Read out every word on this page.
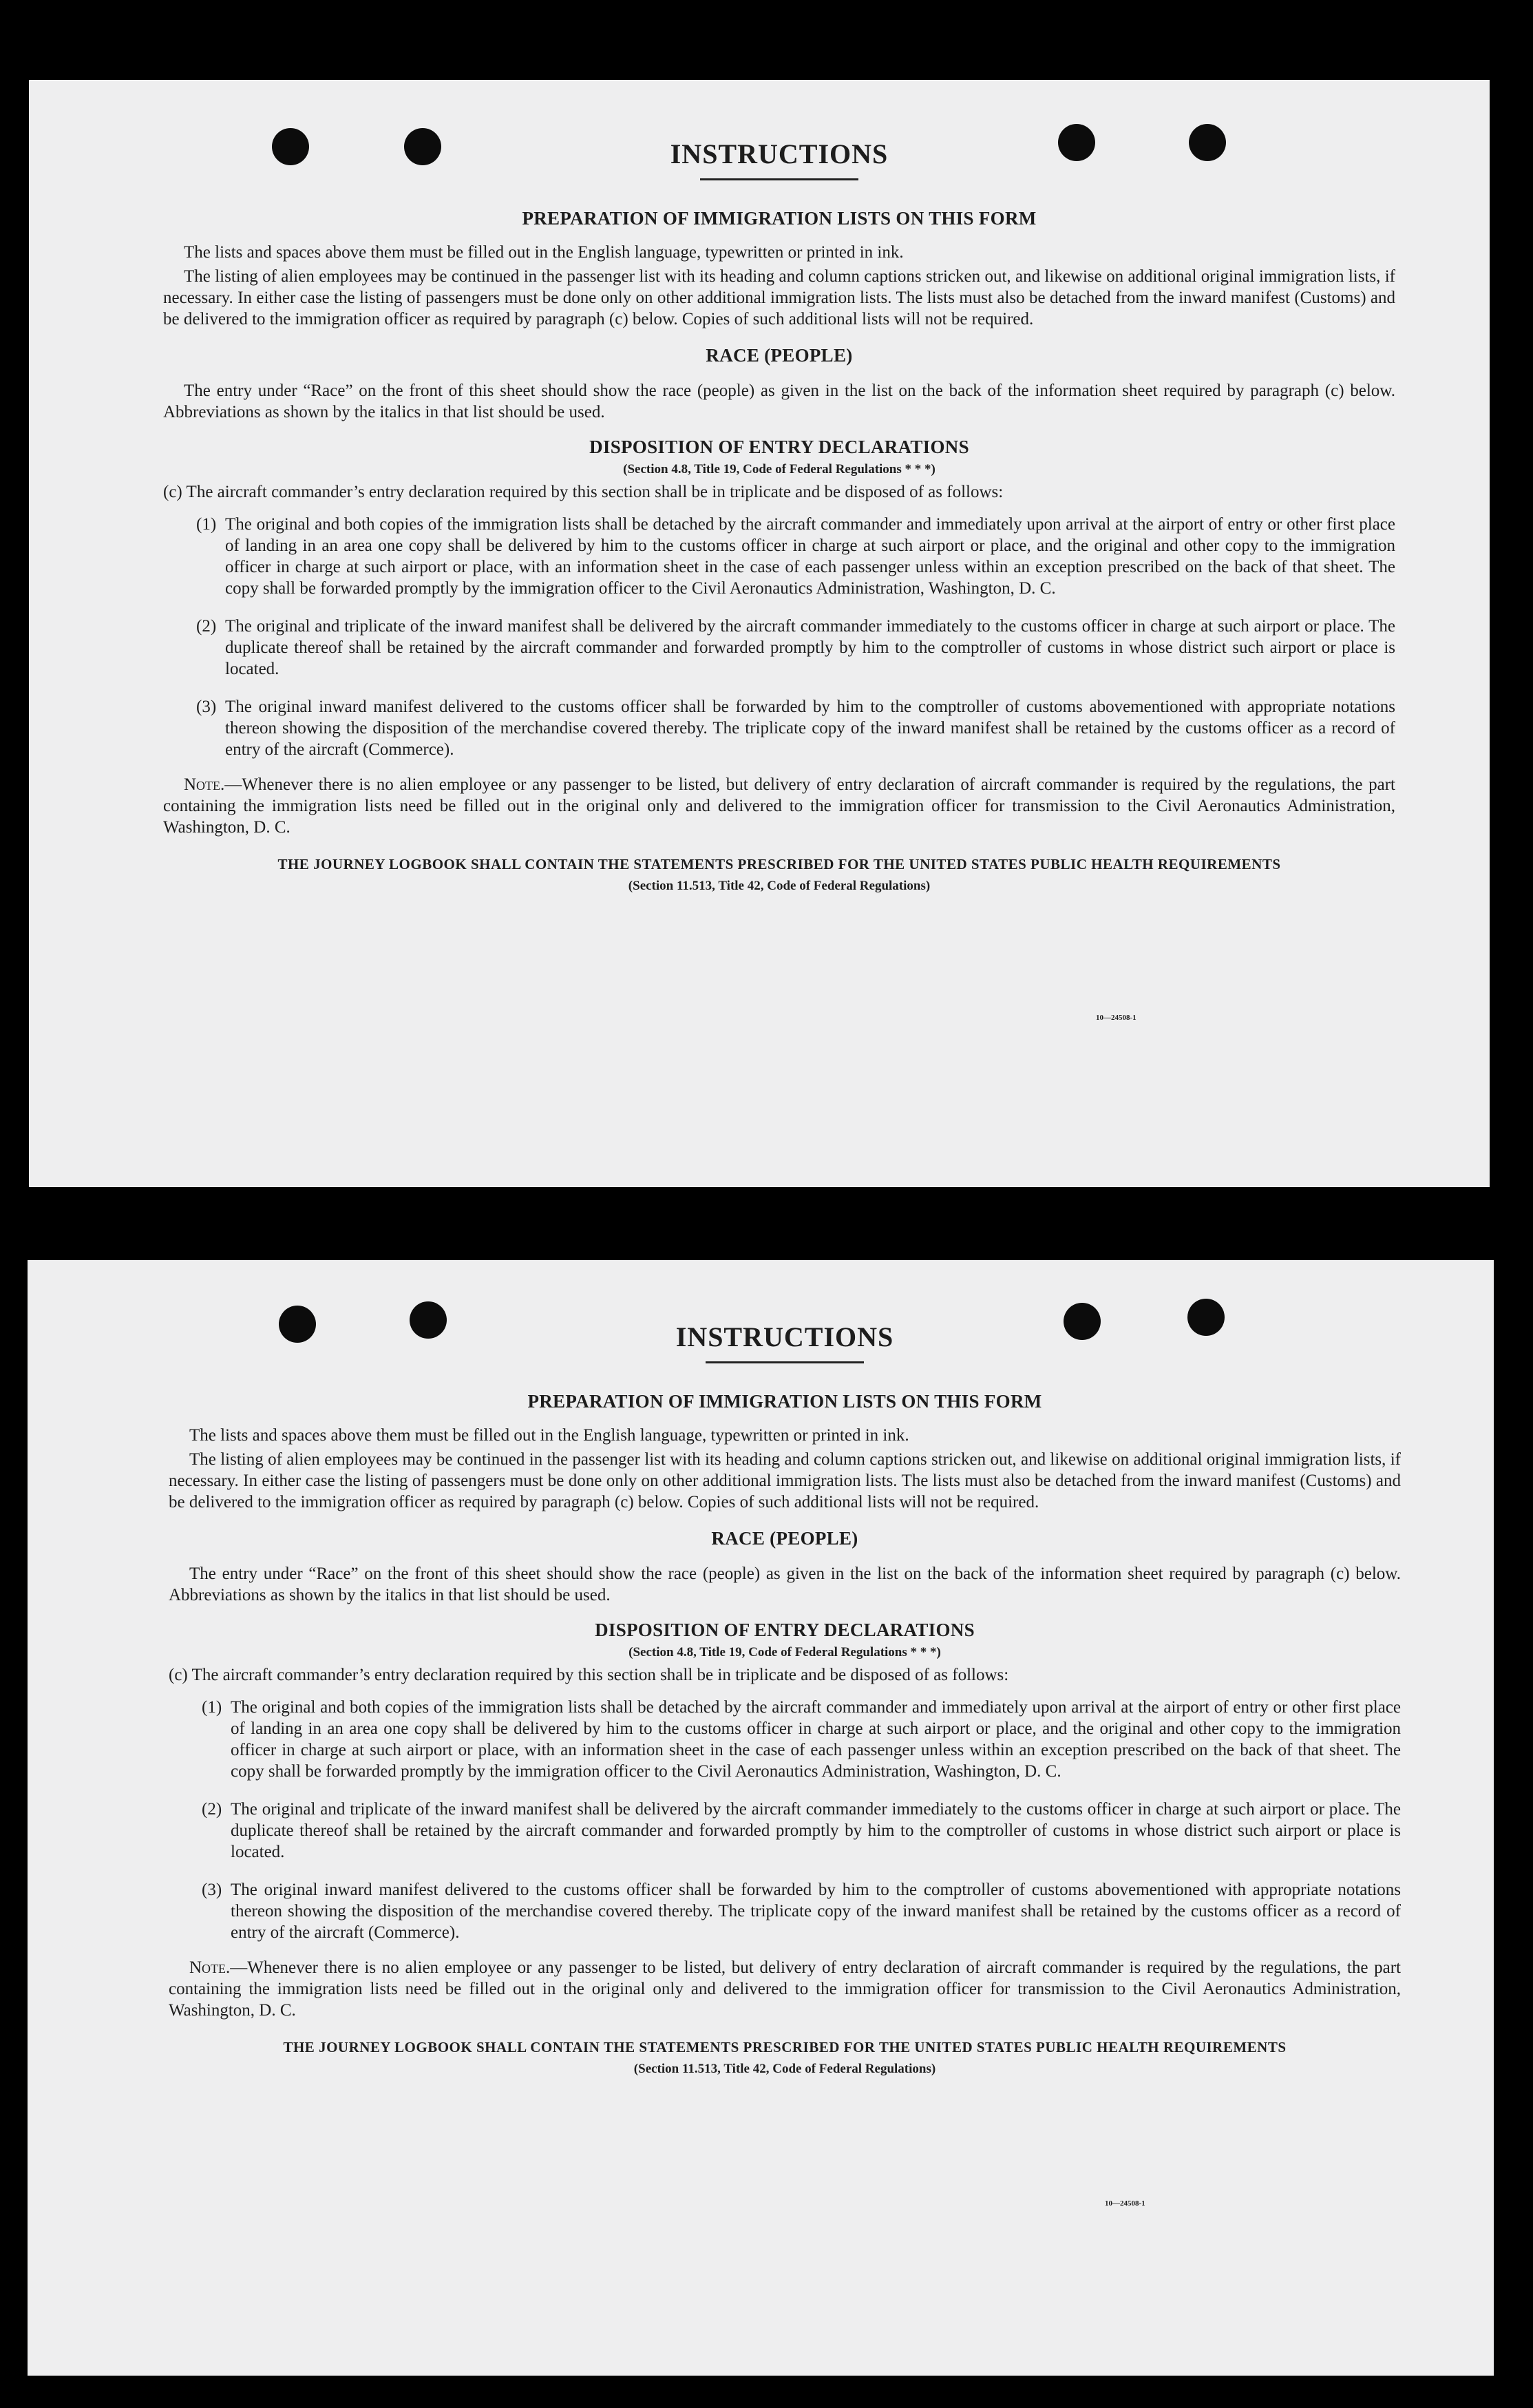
INSTRUCTIONS
PREPARATION OF IMMIGRATION LISTS ON THIS FORM

The lists and spaces above them must be filled out in the English language, typewritten or printed in ink.

The listing of alien employees may be continued in the passenger list with its heading and column captions stricken out, and likewise on additional original immigration lists, if necessary. In either case the listing of passengers must be done only on other additional immigration lists. The lists must also be detached from the inward manifest (Customs) and be delivered to the immigration officer as required by paragraph (c) below. Copies of such additional lists will not be required.

RACE (PEOPLE)

The entry under “Race” on the front of this sheet should show the race (people) as given in the list on the back of the information sheet required by paragraph (c) below. Abbreviations as shown by the italics in that list should be used.

DISPOSITION OF ENTRY DECLARATIONS
(Section 4.8, Title 19, Code of Federal Regulations * * *)

(c) The aircraft commander’s entry declaration required by this section shall be in triplicate and be disposed of as follows:

(1) The original and both copies of the immigration lists shall be detached by the aircraft commander and immediately upon arrival at the airport of entry or other first place of landing in an area one copy shall be delivered by him to the customs officer in charge at such airport or place, and the original and other copy to the immigration officer in charge at such airport or place, with an information sheet in the case of each passenger unless within an exception prescribed on the back of that sheet. The copy shall be forwarded promptly by the immigration officer to the Civil Aeronautics Administration, Washington, D. C.
(2) The original and triplicate of the inward manifest shall be delivered by the aircraft commander immediately to the customs officer in charge at such airport or place. The duplicate thereof shall be retained by the aircraft commander and forwarded promptly by him to the comptroller of customs in whose district such airport or place is located.
(3) The original inward manifest delivered to the customs officer shall be forwarded by him to the comptroller of customs abovementioned with appropriate notations thereon showing the disposition of the merchandise covered thereby. The triplicate copy of the inward manifest shall be retained by the customs officer as a record of entry of the aircraft (Commerce).

Note.—Whenever there is no alien employee or any passenger to be listed, but delivery of entry declaration of aircraft commander is required by the regulations, the part containing the immigration lists need be filled out in the original only and delivered to the immigration officer for transmission to the Civil Aeronautics Administration, Washington, D. C.

THE JOURNEY LOGBOOK SHALL CONTAIN THE STATEMENTS PRESCRIBED FOR THE UNITED STATES PUBLIC HEALTH REQUIREMENTS
(Section 11.513, Title 42, Code of Federal Regulations)
10—24508-1
INSTRUCTIONS
PREPARATION OF IMMIGRATION LISTS ON THIS FORM

The lists and spaces above them must be filled out in the English language, typewritten or printed in ink.

The listing of alien employees may be continued in the passenger list with its heading and column captions stricken out, and likewise on additional original immigration lists, if necessary. In either case the listing of passengers must be done only on other additional immigration lists. The lists must also be detached from the inward manifest (Customs) and be delivered to the immigration officer as required by paragraph (c) below. Copies of such additional lists will not be required.

RACE (PEOPLE)

The entry under “Race” on the front of this sheet should show the race (people) as given in the list on the back of the information sheet required by paragraph (c) below. Abbreviations as shown by the italics in that list should be used.

DISPOSITION OF ENTRY DECLARATIONS
(Section 4.8, Title 19, Code of Federal Regulations * * *)

(c) The aircraft commander’s entry declaration required by this section shall be in triplicate and be disposed of as follows:

(1) The original and both copies of the immigration lists shall be detached by the aircraft commander and immediately upon arrival at the airport of entry or other first place of landing in an area one copy shall be delivered by him to the customs officer in charge at such airport or place, and the original and other copy to the immigration officer in charge at such airport or place, with an information sheet in the case of each passenger unless within an exception prescribed on the back of that sheet. The copy shall be forwarded promptly by the immigration officer to the Civil Aeronautics Administration, Washington, D. C.
(2) The original and triplicate of the inward manifest shall be delivered by the aircraft commander immediately to the customs officer in charge at such airport or place. The duplicate thereof shall be retained by the aircraft commander and forwarded promptly by him to the comptroller of customs in whose district such airport or place is located.
(3) The original inward manifest delivered to the customs officer shall be forwarded by him to the comptroller of customs abovementioned with appropriate notations thereon showing the disposition of the merchandise covered thereby. The triplicate copy of the inward manifest shall be retained by the customs officer as a record of entry of the aircraft (Commerce).

Note.—Whenever there is no alien employee or any passenger to be listed, but delivery of entry declaration of aircraft commander is required by the regulations, the part containing the immigration lists need be filled out in the original only and delivered to the immigration officer for transmission to the Civil Aeronautics Administration, Washington, D. C.

THE JOURNEY LOGBOOK SHALL CONTAIN THE STATEMENTS PRESCRIBED FOR THE UNITED STATES PUBLIC HEALTH REQUIREMENTS
(Section 11.513, Title 42, Code of Federal Regulations)
10—24508-1
